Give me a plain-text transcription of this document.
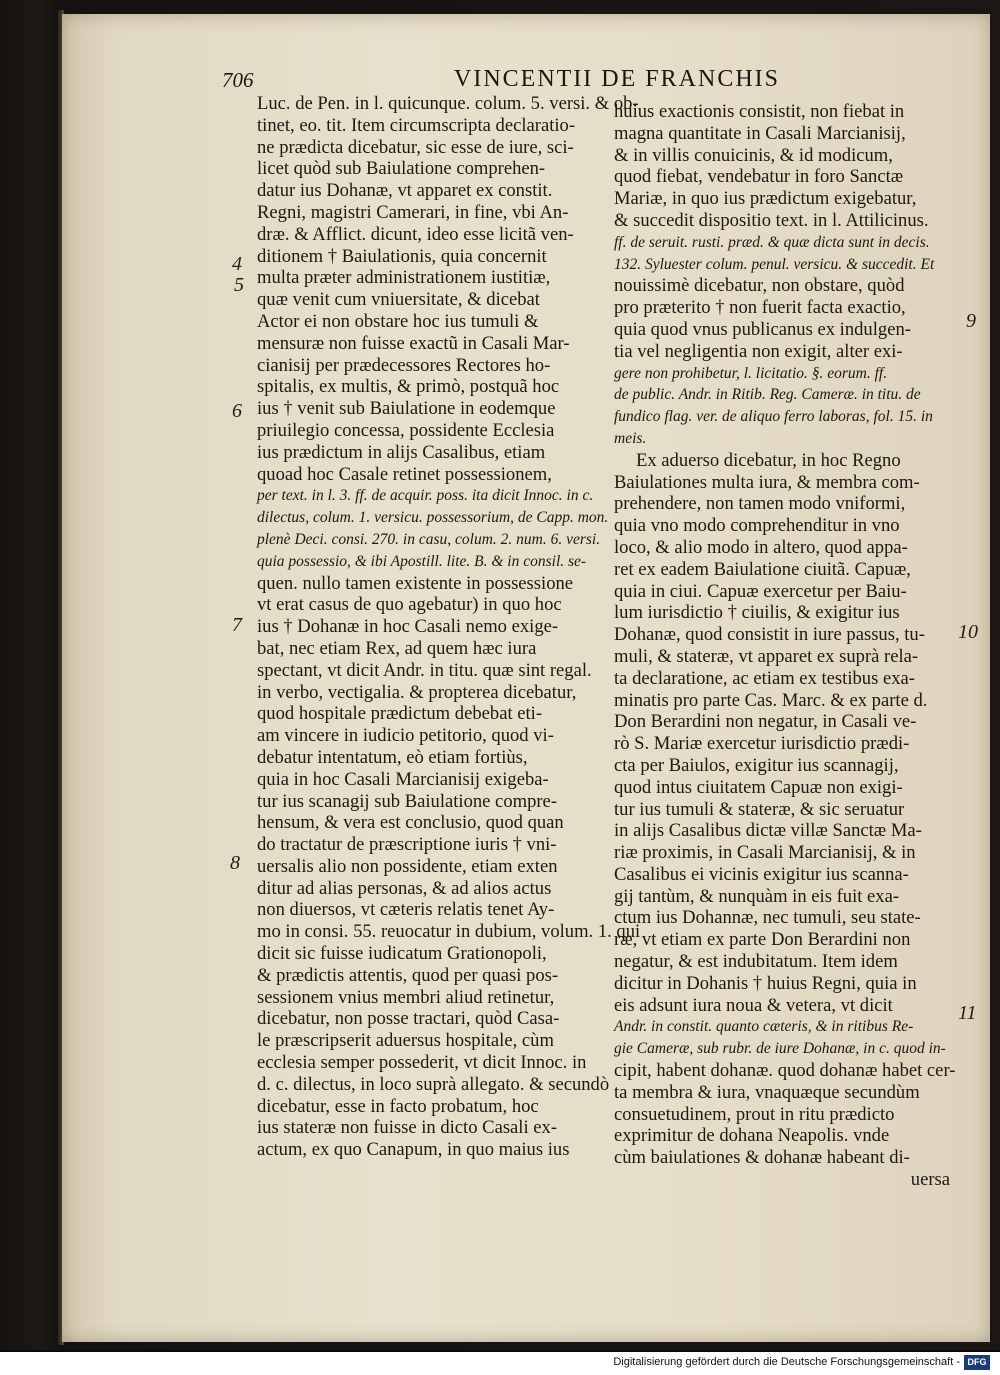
706	VINCENTII DE FRANCHIS
Luc. de Pen. in l. quicunque. colum. 5. versi. & ob-
tinet, eo. tit. Item circumscripta declaratio-
ne prædicta dicebatur, sic esse de iure, sci-
licet quòd sub Baiulatione comprehen-
datur ius Dohanæ, vt apparet ex constit.
Regni, magistri Camerari, in fine, vbi An-
dræ. & Afflict. dicunt, ideo esse licitã ven-
ditionem † Baiulationis, quia concernit
multa præter administrationem iustitiæ,
quæ venit cum vniuersitate, & dicebat
Actor ei non obstare hoc ius tumuli &
mensuræ non fuisse exactũ in Casali Mar-
cianisij per prædecessores Rectores ho-
spitalis, ex multis, & primò, postquã hoc
ius † venit sub Baiulatione in eodemque
priuilegio concessa, possidente Ecclesia
ius prædictum in alijs Casalibus, etiam
quoad hoc Casale retinet possessionem,
per text. in l. 3. ff. de acquir. poss. ita dicit Innoc. in c.
dilectus, colum. 1. versicu. possessorium, de Capp. mon.
plenè Deci. consi. 270. in casu, colum. 2. num. 6. versi.
quia possessio, & ibi Apostill. lite. B. & in consil. se-
quen. nullo tamen existente in possessione
vt erat casus de quo agebatur) in quo hoc
ius † Dohanæ in hoc Casali nemo exige-
bat, nec etiam Rex, ad quem hæc iura
spectant, vt dicit Andr. in titu. quæ sint regal.
in verbo, vectigalia. & propterea dicebatur,
quod hospitale prædictum debebat eti-
am vincere in iudicio petitorio, quod vi-
debatur intentatum, eò etiam fortiùs,
quia in hoc Casali Marcianisij exigeba-
tur ius scanagij sub Baiulatione compre-
hensum, & vera est conclusio, quod quan
do tractatur de præscriptione iuris † vni-
uersalis alio non possidente, etiam exten
ditur ad alias personas, & ad alios actus
non diuersos, vt cæteris relatis tenet Ay-
mo in consi. 55. reuocatur in dubium, volum. 1. qui
dicit sic fuisse iudicatum Grationopoli,
& prædictis attentis, quod per quasi pos-
sessionem vnius membri aliud retinetur,
dicebatur, non posse tractari, quòd Casa-
le præscripserit aduersus hospitale, cùm
ecclesia semper possederit, vt dicit Innoc. in
d. c. dilectus, in loco suprà allegato. & secundò
dicebatur, esse in facto probatum, hoc
ius stateræ non fuisse in dicto Casali ex-
actum, ex quo Canapum, in quo maius ius
huius exactionis consistit, non fiebat in
magna quantitate in Casali Marcianisij,
& in villis conuicinis, & id modicum,
quod fiebat, vendebatur in foro Sanctæ
Mariæ, in quo ius prædictum exigebatur,
& succedit dispositio text. in l. Attilicinus.
ff. de seruit. rusti. præd. & quæ dicta sunt in decis.
132. Syluester colum. penul. versicu. & succedit. Et
nouissimè dicebatur, non obstare, quòd
pro præterito † non fuerit facta exactio,
quia quod vnus publicanus ex indulgen-
tia vel negligentia non exigit, alter exi-
gere non prohibetur, l. licitatio. §. eorum. ff.
de public. Andr. in Ritib. Reg. Cameræ. in titu. de
fundico flag. ver. de aliquo ferro laboras, fol. 15. in
meis.
Ex aduerso dicebatur, in hoc Regno
Baiulationes multa iura, & membra com-
prehendere, non tamen modo vniformi,
quia vno modo comprehenditur in vno
loco, & alio modo in altero, quod appa-
ret ex eadem Baiulatione ciuitã. Capuæ,
quia in ciui. Capuæ exercetur per Baiu-
lum iurisdictio † ciuilis, & exigitur ius
Dohanæ, quod consistit in iure passus, tu-
muli, & stateræ, vt apparet ex suprà rela-
ta declaratione, ac etiam ex testibus exa-
minatis pro parte Cas. Marc. & ex parte d.
Don Berardini non negatur, in Casali ve-
rò S. Mariæ exercetur iurisdictio prædi-
cta per Baiulos, exigitur ius scannagij,
quod intus ciuitatem Capuæ non exigi-
tur ius tumuli & stateræ, & sic seruatur
in alijs Casalibus dictæ villæ Sanctæ Ma-
riæ proximis, in Casali Marcianisij, & in
Casalibus ei vicinis exigitur ius scanna-
gij tantùm, & nunquàm in eis fuit exa-
ctum ius Dohannæ, nec tumuli, seu state-
ræ, vt etiam ex parte Don Berardini non
negatur, & est indubitatum. Item idem
dicitur in Dohanis † huius Regni, quia in
eis adsunt iura noua & vetera, vt dicit
Andr. in constit. quanto cæteris, & in ritibus Re-
gie Cameræ, sub rubr. de iure Dohanæ, in c. quod in-
cipit, habent dohanæ. quod dohanæ habet cer-
ta membra & iura, vnaquæque secundùm
consuetudinem, prout in ritu prædicto
exprimitur de dohana Neapolis. vnde
cùm baiulationes & dohanæ habeant di-
uersa
4
5
6
7
8
9
10
11
Digitalisierung gefördert durch die Deutsche Forschungsgemeinschaft - DFG
